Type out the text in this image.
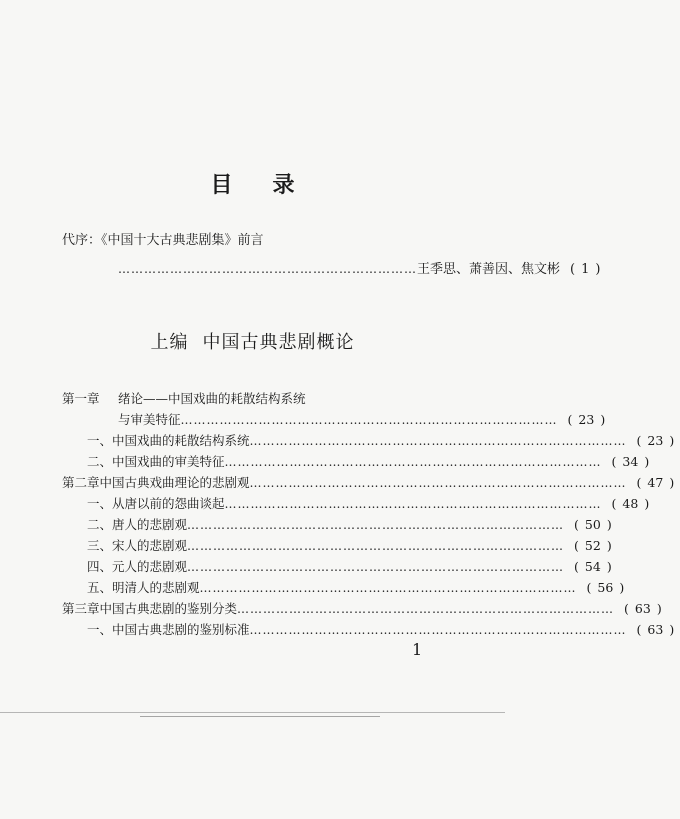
目 录
代序：《中国十大古典悲剧集》前言
…………………………………………………………… 王季思、萧善因、焦文彬 ( 1 )
上编 中国古典悲剧概论
第一章	绪论——中国戏曲的耗散结构系统
与审美特征 …………………………………………………………………………… ( 23 )
一、中国戏曲的耗散结构系统 …………………………………………………………………………… ( 23 )
二、中国戏曲的审美特征 …………………………………………………………………………… ( 34 )
第二章 中国古典戏曲理论的悲剧观 …………………………………………………………………………… ( 47 )
一、从唐以前的怨曲谈起 …………………………………………………………………………… ( 48 )
二、唐人的悲剧观 …………………………………………………………………………… ( 50 )
三、宋人的悲剧观 …………………………………………………………………………… ( 52 )
四、元人的悲剧观 …………………………………………………………………………… ( 54 )
五、明清人的悲剧观 …………………………………………………………………………… ( 56 )
第三章 中国古典悲剧的鉴别分类 …………………………………………………………………………… ( 63 )
一、中国古典悲剧的鉴别标准 …………………………………………………………………………… ( 63 )
1
